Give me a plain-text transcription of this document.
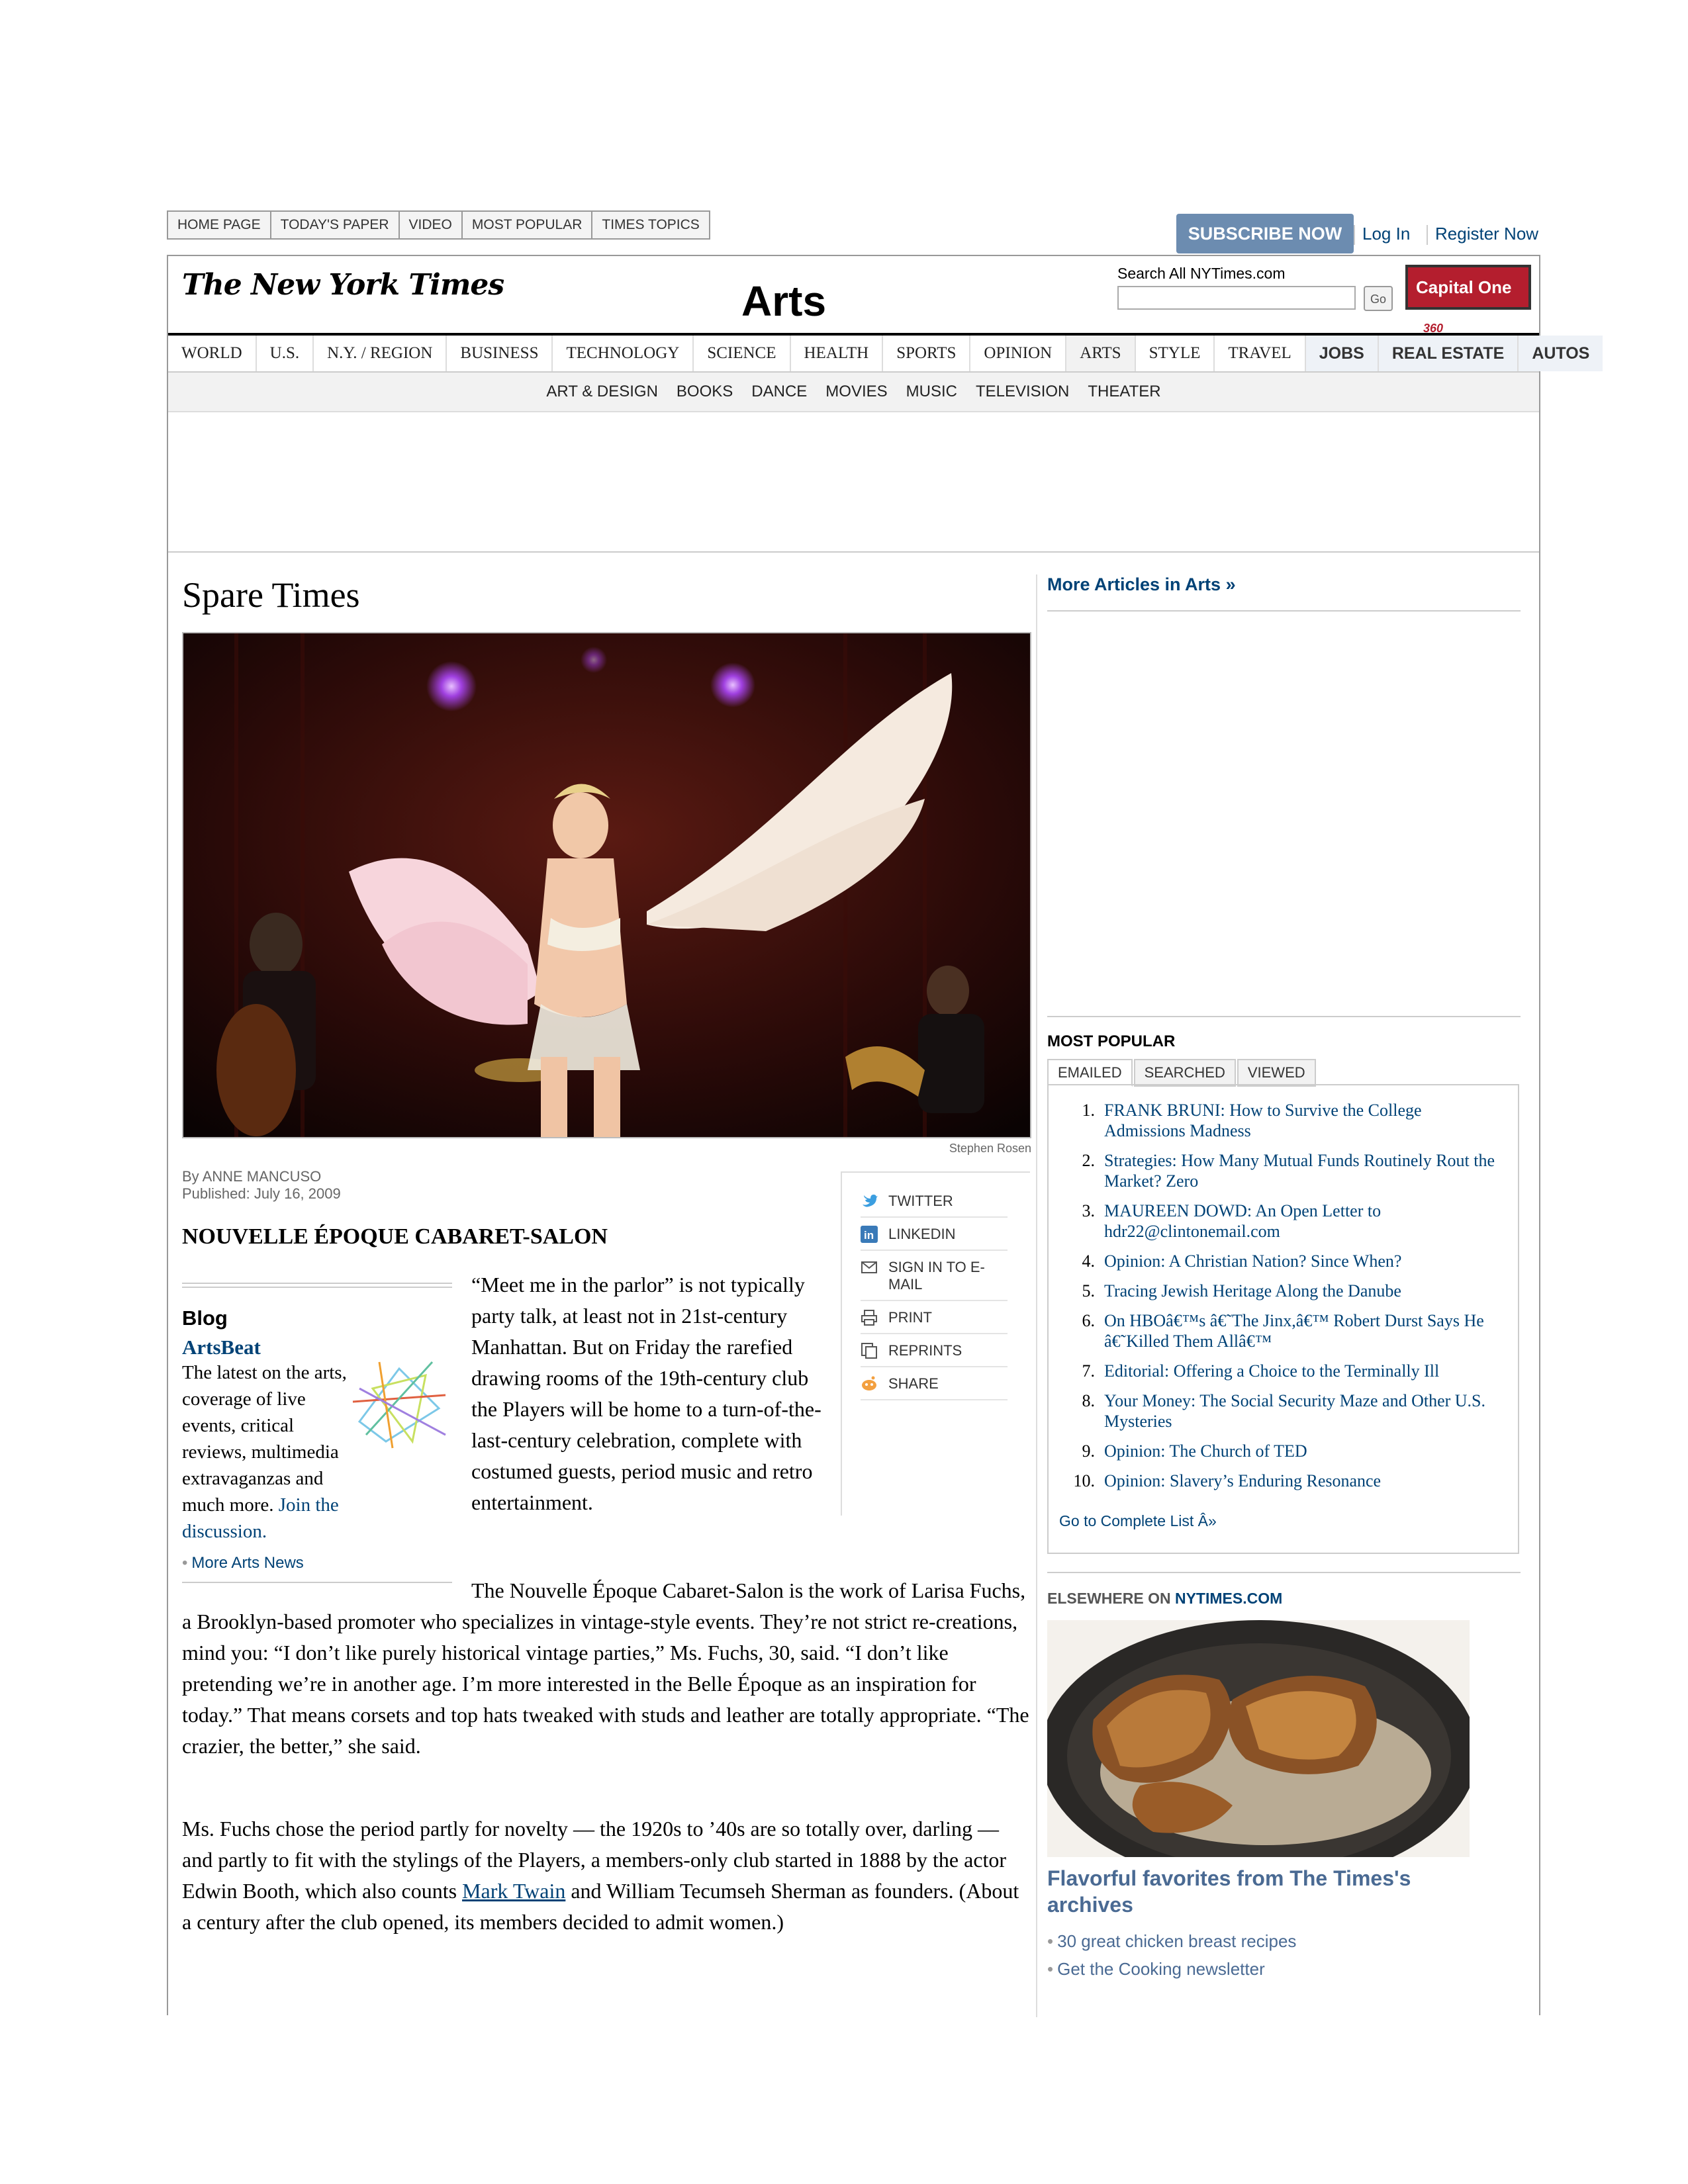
HOME PAGE	TODAY'S PAPER	VIDEO	MOST POPULAR	TIMES TOPICS	SUBSCRIBE NOW	Log In Register Now
The New York Times	Arts
Search All NYTimes.com
Go
Capital One360
WORLD	U.S.	N.Y. / REGION	BUSINESS	TECHNOLOGY	SCIENCE	HEALTH	SPORTS	OPINION	ARTS	STYLE	TRAVEL	JOBS	REAL ESTATE	AUTOS
ART & DESIGN	BOOKS	DANCE	MOVIES	MUSIC	TELEVISION	THEATER
Spare Times
Stephen Rosen
By ANNE MANCUSO
Published: July 16, 2009
NOUVELLE ÉPOQUE CABARET-SALON
Blog
ArtsBeat
The latest on the arts, coverage of live events, critical reviews, multimedia extravaganzas and much more. Join the discussion.
• More Arts News
“Meet me in the parlor” is not typically party talk, at least not in 21st-century Manhattan. But on Friday the rarefied drawing rooms of the 19th-century club the Players will be home to a turn-of-the-last-century celebration, complete with costumed guests, period music and retro entertainment.
The Nouvelle Époque Cabaret-Salon is the work of Larisa Fuchs, a Brooklyn-based promoter who specializes in vintage-style events. They’re not strict re-creations, mind you: “I don’t like purely historical vintage parties,” Ms. Fuchs, 30, said. “I don’t like pretending we’re in another age. I’m more interested in the Belle Époque as an inspiration for today.” That means corsets and top hats tweaked with studs and leather are totally appropriate. “The crazier, the better,” she said.
Ms. Fuchs chose the period partly for novelty — the 1920s to ’40s are so totally over, darling — and partly to fit with the stylings of the Players, a members-only club started in 1888 by the actor Edwin Booth, which also counts Mark Twain and William Tecumseh Sherman as founders. (About a century after the club opened, its members decided to admit women.)
TWITTER
in LINKEDIN
SIGN IN TO E-MAIL
PRINT
REPRINTS
SHARE
More Articles in Arts »
MOST POPULAR
EMAILED	SEARCHED	VIEWED
1. FRANK BRUNI: How to Survive the College Admissions Madness
2. Strategies: How Many Mutual Funds Routinely Rout the Market? Zero
3. MAUREEN DOWD: An Open Letter to hdr22@clintonemail.com
4. Opinion: A Christian Nation? Since When?
5. Tracing Jewish Heritage Along the Danube
6. On HBOâ€™s â€˜The Jinx,â€™ Robert Durst Says He â€˜Killed Them Allâ€™
7. Editorial: Offering a Choice to the Terminally Ill
8. Your Money: The Social Security Maze and Other U.S. Mysteries
9. Opinion: The Church of TED
10. Opinion: Slavery’s Enduring Resonance
Go to Complete List Â»
ELSEWHERE ON NYTIMES.COM
Flavorful favorites from The Times's archives
• 30 great chicken breast recipes
• Get the Cooking newsletter
